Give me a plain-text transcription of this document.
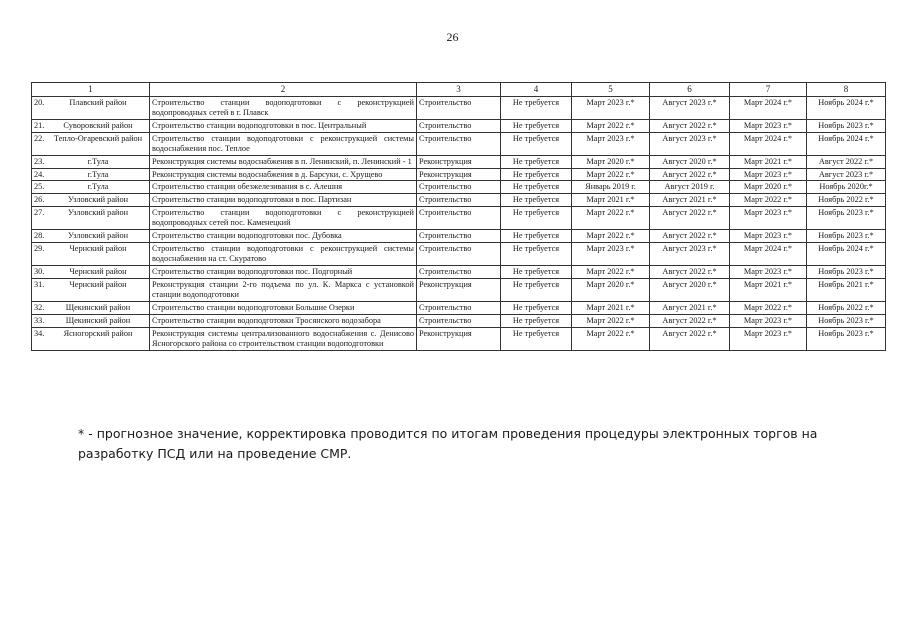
26
1	2	3	4	5	6	7	8
20. Плавский район	Строительство станции водоподготовки с реконструкцией водопроводных сетей в г. Плавск	Строительство	Не требуется	Март 2023 г.*	Август 2023 г.*	Март 2024 г.*	Ноябрь 2024 г.*
21. Суворовский район	Строительство станции водоподготовки в пос. Центральный	Строительство	Не требуется	Март 2022 г.*	Август 2022 г.*	Март 2023 г.*	Ноябрь 2023 г.*
22. Тепло-Огаревский район	Строительство станции водоподготовки с реконструкцией системы водоснабжения пос. Теплое	Строительство	Не требуется	Март 2023 г.*	Август 2023 г.*	Март 2024 г.*	Ноябрь 2024 г.*
23. г.Тула	Реконструкция системы водоснабжения в п. Ленинский, п. Ленинский - 1	Реконструкция	Не требуется	Март 2020 г.*	Август 2020 г.*	Март 2021 г.*	Август 2022 г.*
24. г.Тула	Реконструкция системы водоснабжения в д. Барсуки, с. Хрущево	Реконструкция	Не требуется	Март 2022 г.*	Август 2022 г.*	Март 2023 г.*	Август 2023 г.*
25. г.Тула	Строительство станции обезжелезивания в с. Алешня	Строительство	Не требуется	Январь 2019 г.	Август 2019 г.	Март 2020 г.*	Ноябрь 2020г.*
26. Узловский район	Строительство станции водоподготовки в пос. Партизан	Строительство	Не требуется	Март 2021 г.*	Август 2021 г.*	Март 2022 г.*	Ноябрь 2022 г.*
27. Узловский район	Строительство станции водоподготовки с реконструкцией водопроводных сетей пос. Каменецкий	Строительство	Не требуется	Март 2022 г.*	Август 2022 г.*	Март 2023 г.*	Ноябрь 2023 г.*
28. Узловский район	Строительство станции водоподготовки пос. Дубовка	Строительство	Не требуется	Март 2022 г.*	Август 2022 г.*	Март 2023 г.*	Ноябрь 2023 г.*
29. Чернский район	Строительство станции водоподготовки с реконструкцией системы водоснабжения на ст. Скуратово	Строительство	Не требуется	Март 2023 г.*	Август 2023 г.*	Март 2024 г.*	Ноябрь 2024 г.*
30. Чернский район	Строительство станции водоподготовки пос. Подгорный	Строительство	Не требуется	Март 2022 г.*	Август 2022 г.*	Март 2023 г.*	Ноябрь 2023 г.*
31. Чернский район	Реконструкция станции 2-го подъема по ул. К. Маркса с установкой станции водоподготовки	Реконструкция	Не требуется	Март 2020 г.*	Август 2020 г.*	Март 2021 г.*	Ноябрь 2021 г.*
32. Щекинский район	Строительство станции водоподготовки Большие Озерки	Строительство	Не требуется	Март 2021 г.*	Август 2021 г.*	Март 2022 г.*	Ноябрь 2022 г.*
33. Щекинский район	Строительство станции водоподготовки Тросянского водозабора	Строительство	Не требуется	Март 2022 г.*	Август 2022 г.*	Март 2023 г.*	Ноябрь 2023 г.*
34. Ясногорский район	Реконструкция системы централизованного водоснабжения с. Денисово Ясногорского района со строительством станции водоподготовки	Реконструкция	Не требуется	Март 2022 г.*	Август 2022 г.*	Март 2023 г.*	Ноябрь 2023 г.*
* - прогнозное значение, корректировка проводится по итогам проведения процедуры электронных торгов на разработку ПСД или на проведение СМР.
